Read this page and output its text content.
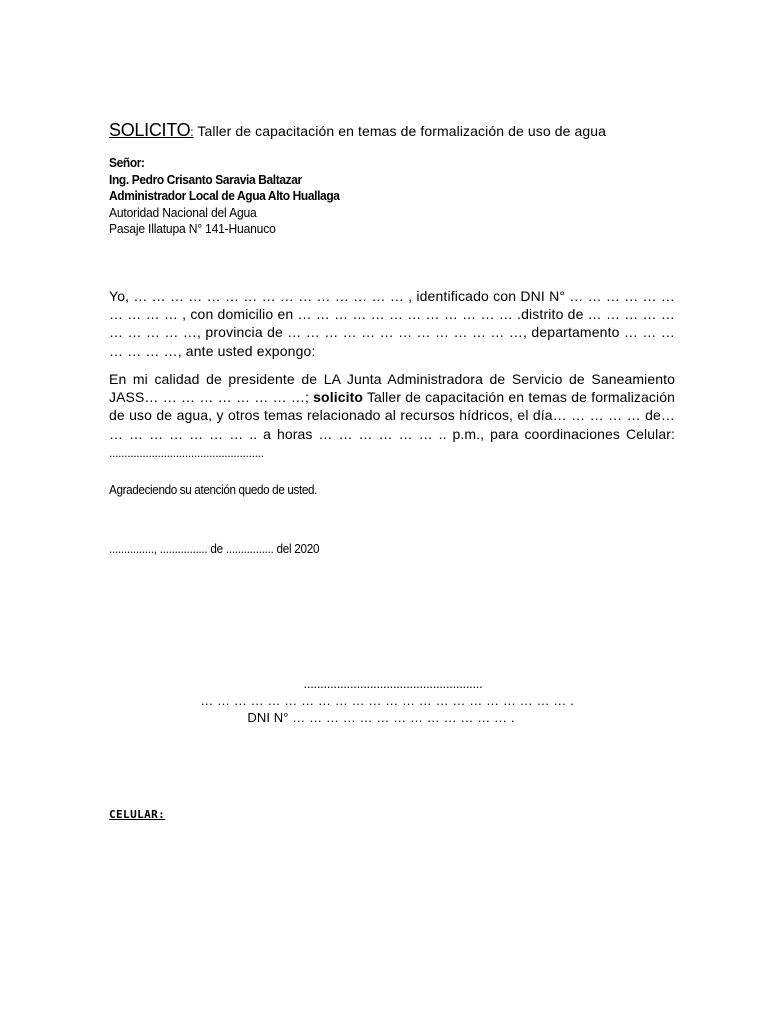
SOLICITO: Taller de capacitación en temas de formalización de uso de agua
Señor:
Ing. Pedro Crisanto Saravia Baltazar
Administrador Local de Agua Alto Huallaga
Autoridad Nacional del Agua
Pasaje Illatupa N° 141-Huanuco
Yo, … … … … … … … … … … … … … … … , identificado con DNI N° … … … … … … … … … … , con domicilio en … … … … … … … … … … … … .distrito de … … … … … … … … … …, provincia de … … … … … … … … … … … … …, departamento … … … … … … …, ante usted expongo:
En mi calidad de presidente de LA Junta Administradora de Servicio de Saneamiento JASS… … … … … … … … …; solicito Taller de capacitación en temas de formalización de uso de agua, y otros temas relacionado al recursos hídricos, el día… … … … … de… … … … … … … … .. a horas … … … … … … .. p.m., para coordinaciones Celular: ...................................................
Agradeciendo su atención quedo de usted.
..............., ................ de ................ del 2020
......................................................
… … … … … … … … … … … … … … … … … … … … … … .
DNI N° … … … … … … … … … … … … … .
CELULAR:
